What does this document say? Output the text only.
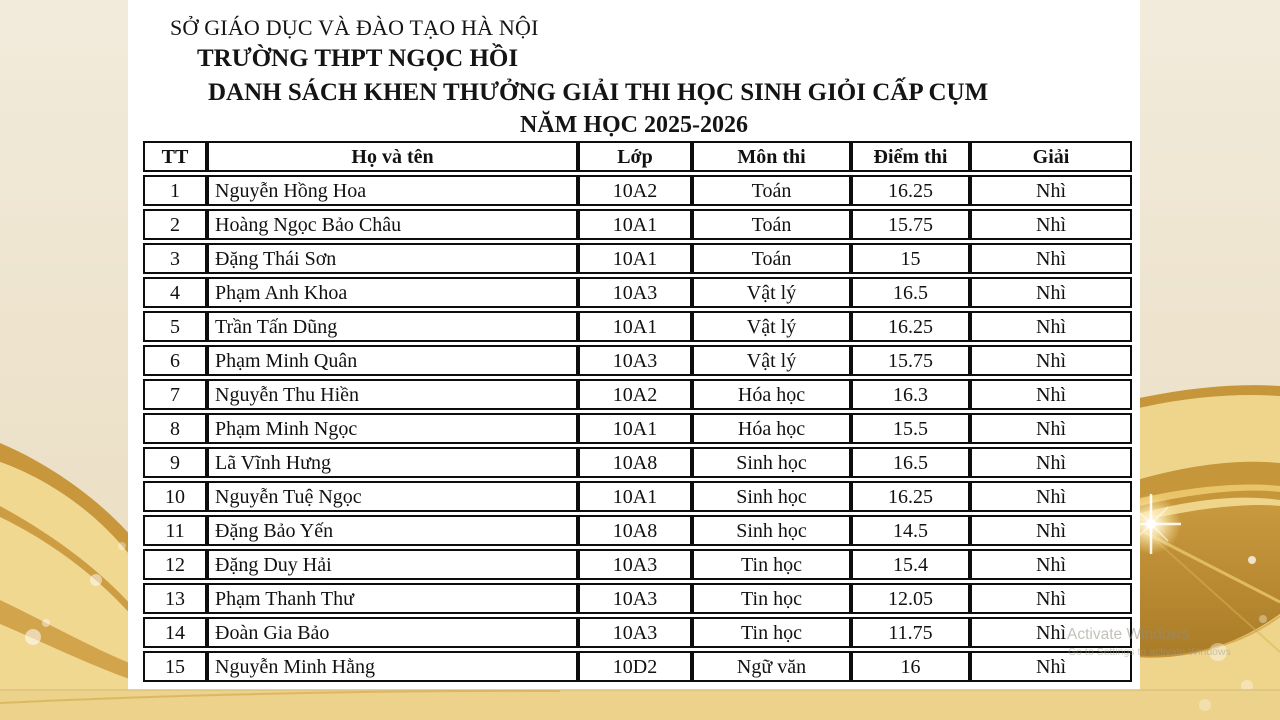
SỞ GIÁO DỤC VÀ ĐÀO TẠO HÀ NỘI
TRƯỜNG THPT NGỌC HỒI
DANH SÁCH KHEN THƯỞNG GIẢI THI HỌC SINH GIỎI CẤP CỤM
NĂM HỌC 2025-2026
TT	Họ và tên	Lớp	Môn thi	Điểm thi	Giải
1	Nguyễn Hồng Hoa	10A2	Toán	16.25	Nhì
2	Hoàng Ngọc Bảo Châu	10A1	Toán	15.75	Nhì
3	Đặng Thái Sơn	10A1	Toán	15	Nhì
4	Phạm Anh Khoa	10A3	Vật lý	16.5	Nhì
5	Trần Tấn Dũng	10A1	Vật lý	16.25	Nhì
6	Phạm Minh Quân	10A3	Vật lý	15.75	Nhì
7	Nguyễn Thu Hiền	10A2	Hóa học	16.3	Nhì
8	Phạm Minh Ngọc	10A1	Hóa học	15.5	Nhì
9	Lã Vĩnh Hưng	10A8	Sinh học	16.5	Nhì
10	Nguyễn Tuệ Ngọc	10A1	Sinh học	16.25	Nhì
11	Đặng Bảo Yến	10A8	Sinh học	14.5	Nhì
12	Đặng Duy Hải	10A3	Tin học	15.4	Nhì
13	Phạm Thanh Thư	10A3	Tin học	12.05	Nhì
14	Đoàn Gia Bảo	10A3	Tin học	11.75	Nhì
15	Nguyễn Minh Hằng	10D2	Ngữ văn	16	Nhì
Activate Windows
Go to Settings to activate Windows
